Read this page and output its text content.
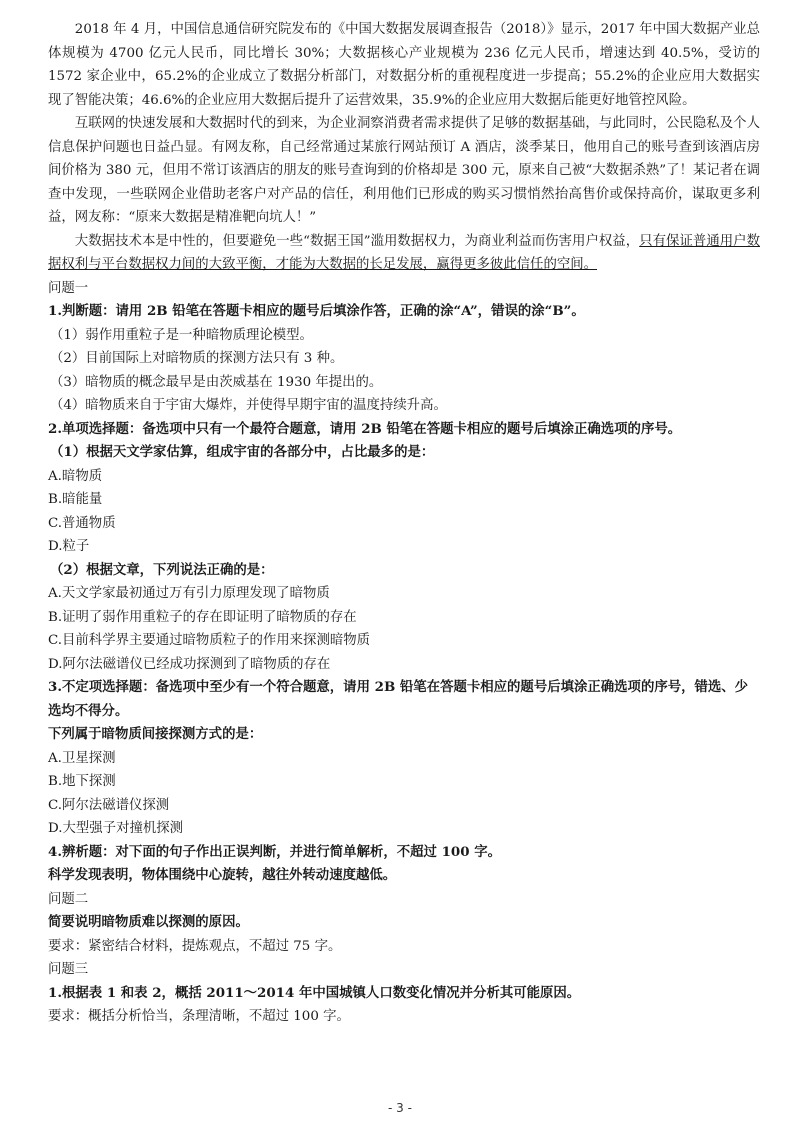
2018 年 4 月，中国信息通信研究院发布的《中国大数据发展调查报告（2018）》显示，2017 年中国大数据产业总体规模为 4700 亿元人民币，同比增长 30%；大数据核心产业规模为 236 亿元人民币，增速达到 40.5%，受访的 1572 家企业中，65.2%的企业成立了数据分析部门，对数据分析的重视程度进一步提高；55.2%的企业应用大数据实现了智能决策；46.6%的企业应用大数据后提升了运营效果，35.9%的企业应用大数据后能更好地管控风险。

互联网的快速发展和大数据时代的到来，为企业洞察消费者需求提供了足够的数据基础，与此同时，公民隐私及个人信息保护问题也日益凸显。有网友称，自己经常通过某旅行网站预订 A 酒店，淡季某日，他用自己的账号查到该酒店房间价格为 380 元，但用不常订该酒店的朋友的账号查询到的价格却是 300 元，原来自己被“大数据杀熟”了！某记者在调查中发现，一些联网企业借助老客户对产品的信任，利用他们已形成的购买习惯悄然抬高售价或保持高价，谋取更多利益，网友称：“原来大数据是精准靶向坑人！”

大数据技术本是中性的，但要避免一些“数据王国”滥用数据权力，为商业利益而伤害用户权益，只有保证普通用户数据权利与平台数据权力间的大致平衡，才能为大数据的长足发展，赢得更多彼此信任的空间。

问题一

1.判断题：请用 2B 铅笔在答题卡相应的题号后填涂作答，正确的涂“A”，错误的涂“B”。

（1）弱作用重粒子是一种暗物质理论模型。

（2）目前国际上对暗物质的探测方法只有 3 种。

（3）暗物质的概念最早是由茨威基在 1930 年提出的。

（4）暗物质来自于宇宙大爆炸，并使得早期宇宙的温度持续升高。

2.单项选择题：备选项中只有一个最符合题意，请用 2B 铅笔在答题卡相应的题号后填涂正确选项的序号。

（1）根据天文学家估算，组成宇宙的各部分中，占比最多的是：

A.暗物质

B.暗能量

C.普通物质

D.粒子

（2）根据文章，下列说法正确的是：

A.天文学家最初通过万有引力原理发现了暗物质

B.证明了弱作用重粒子的存在即证明了暗物质的存在

C.目前科学界主要通过暗物质粒子的作用来探测暗物质

D.阿尔法磁谱仪已经成功探测到了暗物质的存在

3.不定项选择题：备选项中至少有一个符合题意，请用 2B 铅笔在答题卡相应的题号后填涂正确选项的序号，错选、少选均不得分。

下列属于暗物质间接探测方式的是：

A.卫星探测

B.地下探测

C.阿尔法磁谱仪探测

D.大型强子对撞机探测

4.辨析题：对下面的句子作出正误判断，并进行简单解析，不超过 100 字。

科学发现表明，物体围绕中心旋转，越往外转动速度越低。

问题二

简要说明暗物质难以探测的原因。

要求：紧密结合材料，提炼观点，不超过 75 字。

问题三

1.根据表 1 和表 2，概括 2011～2014 年中国城镇人口数变化情况并分析其可能原因。

要求：概括分析恰当，条理清晰，不超过 100 字。

- 3 -
